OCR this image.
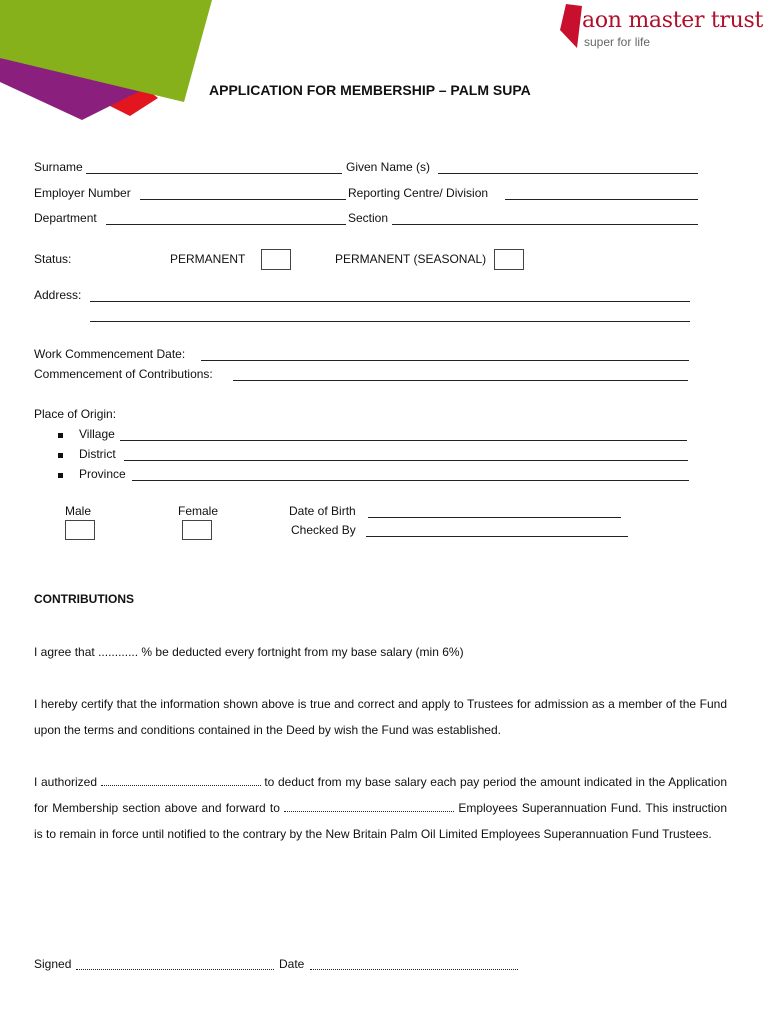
aon master trust
super for life
APPLICATION FOR MEMBERSHIP – PALM SUPA
Surname	Given Name (s)
Employer Number	Reporting Centre/ Division
Department	Section
Status:	PERMANENT	PERMANENT (SEASONAL)
Address:
Work Commencement Date:
Commencement of Contributions:
Place of Origin:
Village
District
Province
Male	Female	Date of Birth
Checked By
CONTRIBUTIONS
I agree that ............ % be deducted every fortnight from my base salary (min 6%)
I hereby certify that the information shown above is true and correct and apply to Trustees for admission as a member of the Fund upon the terms and conditions contained in the Deed by wish the Fund was established.
I authorized	to deduct from my base salary each pay period the amount indicated in the Application for Membership section above and forward to	Employees Superannuation Fund. This instruction is to remain in force until notified to the contrary by the New Britain Palm Oil Limited Employees Superannuation Fund Trustees.
Signed	Date
